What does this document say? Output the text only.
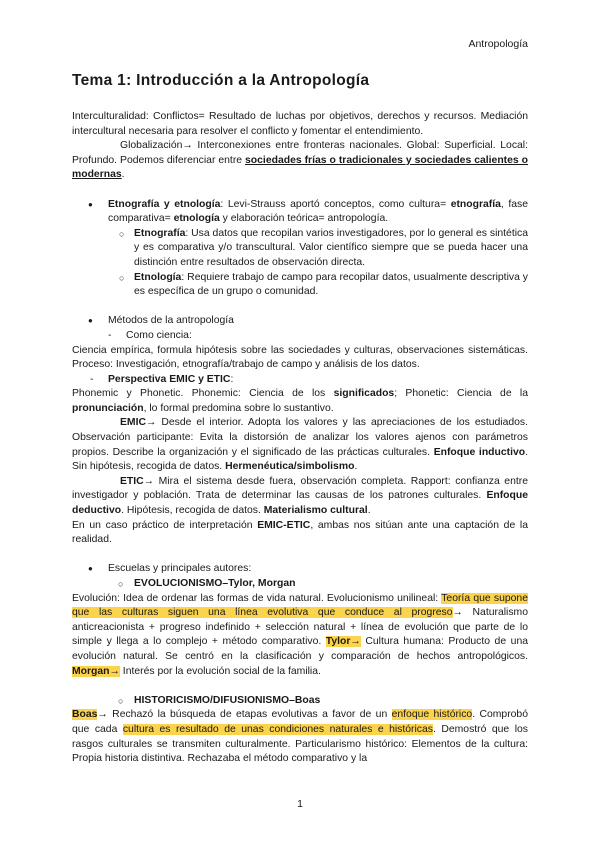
Antropología
Tema 1: Introducción a la Antropología

Interculturalidad: Conflictos= Resultado de luchas por objetivos, derechos y recursos. Mediación intercultural necesaria para resolver el conflicto y fomentar el entendimiento.

Globalización→ Interconexiones entre fronteras nacionales. Global: Superficial. Local: Profundo. Podemos diferenciar entre sociedades frías o tradicionales y sociedades calientes o modernas.

● Etnografía y etnología: Levi-Strauss aportó conceptos, como cultura= etnografía, fase comparativa= etnología y elaboración teórica= antropología.
○ Etnografía: Usa datos que recopilan varios investigadores, por lo general es sintética y es comparativa y/o transcultural. Valor científico siempre que se pueda hacer una distinción entre resultados de observación directa.
○ Etnología: Requiere trabajo de campo para recopilar datos, usualmente descriptiva y es específica de un grupo o comunidad.
● Métodos de la antropología
- Como ciencia:

Ciencia empírica, formula hipótesis sobre las sociedades y culturas, observaciones sistemáticas. Proceso: Investigación, etnografía/trabajo de campo y análisis de los datos.

- Perspectiva EMIC y ETIC:

Phonemic y Phonetic. Phonemic: Ciencia de los significados; Phonetic: Ciencia de la pronunciación, lo formal predomina sobre lo sustantivo.

EMIC→ Desde el interior. Adopta los valores y las apreciaciones de los estudiados. Observación participante: Evita la distorsión de analizar los valores ajenos con parámetros propios. Describe la organización y el significado de las prácticas culturales. Enfoque inductivo. Sin hipótesis, recogida de datos. Hermenéutica/simbolismo.

ETIC→ Mira el sistema desde fuera, observación completa. Rapport: confianza entre investigador y población. Trata de determinar las causas de los patrones culturales. Enfoque deductivo. Hipótesis, recogida de datos. Materialismo cultural.

En un caso práctico de interpretación EMIC-ETIC, ambas nos sitúan ante una captación de la realidad.

● Escuelas y principales autores:
○ EVOLUCIONISMO–Tylor, Morgan

Evolución: Idea de ordenar las formas de vida natural. Evolucionismo unilineal: Teoría que supone que las culturas siguen una línea evolutiva que conduce al progreso→ Naturalismo anticreacionista + progreso indefinido + selección natural + línea de evolución que parte de lo simple y llega a lo complejo + método comparativo. Tylor→ Cultura humana: Producto de una evolución natural. Se centró en la clasificación y comparación de hechos antropológicos. Morgan→ Interés por la evolución social de la familia.

○ HISTORICISMO/DIFUSIONISMO–Boas

Boas→ Rechazó la búsqueda de etapas evolutivas a favor de un enfoque histórico. Comprobó que cada cultura es resultado de unas condiciones naturales e históricas. Demostró que los rasgos culturales se transmiten culturalmente. Particularismo histórico: Elementos de la cultura: Propia historia distintiva. Rechazaba el método comparativo y la

1
